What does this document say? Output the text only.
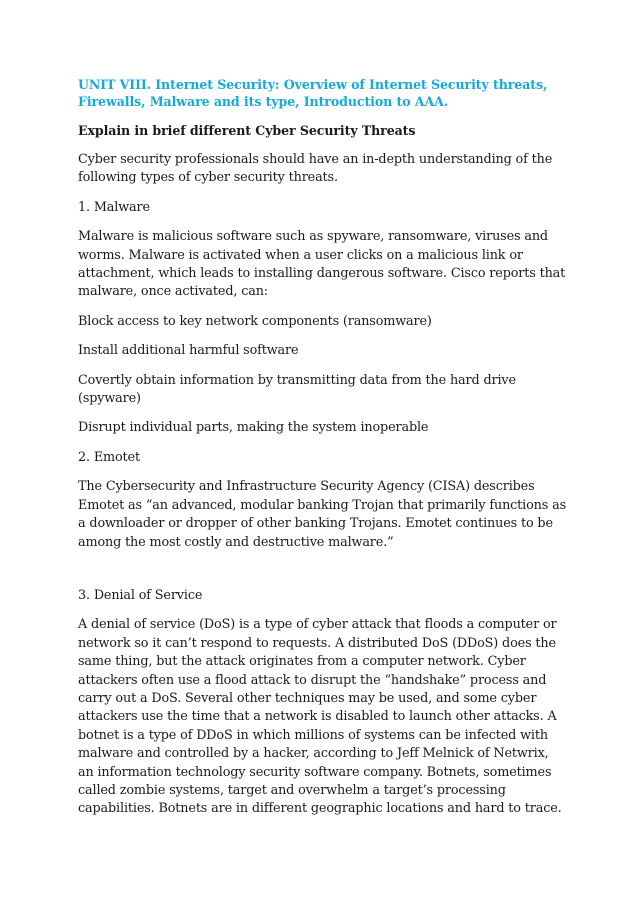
UNIT VIII. Internet Security: Overview of Internet Security threats, Firewalls, Malware and its type, Introduction to AAA.
Explain in brief different Cyber Security Threats

Cyber security professionals should have an in-depth understanding of the following types of cyber security threats.

1. Malware

Malware is malicious software such as spyware, ransomware, viruses and worms. Malware is activated when a user clicks on a malicious link or attachment, which leads to installing dangerous software. Cisco reports that malware, once activated, can:

Block access to key network components (ransomware)

Install additional harmful software

Covertly obtain information by transmitting data from the hard drive (spyware)

Disrupt individual parts, making the system inoperable

2. Emotet

The Cybersecurity and Infrastructure Security Agency (CISA) describes Emotet as “an advanced, modular banking Trojan that primarily functions as a downloader or dropper of other banking Trojans. Emotet continues to be among the most costly and destructive malware.”

3. Denial of Service

A denial of service (DoS) is a type of cyber attack that floods a computer or network so it can’t respond to requests. A distributed DoS (DDoS) does the same thing, but the attack originates from a computer network. Cyber attackers often use a flood attack to disrupt the “handshake” process and carry out a DoS. Several other techniques may be used, and some cyber attackers use the time that a network is disabled to launch other attacks. A botnet is a type of DDoS in which millions of systems can be infected with malware and controlled by a hacker, according to Jeff Melnick of Netwrix, an information technology security software company. Botnets, sometimes called zombie systems, target and overwhelm a target’s processing capabilities. Botnets are in different geographic locations and hard to trace.
